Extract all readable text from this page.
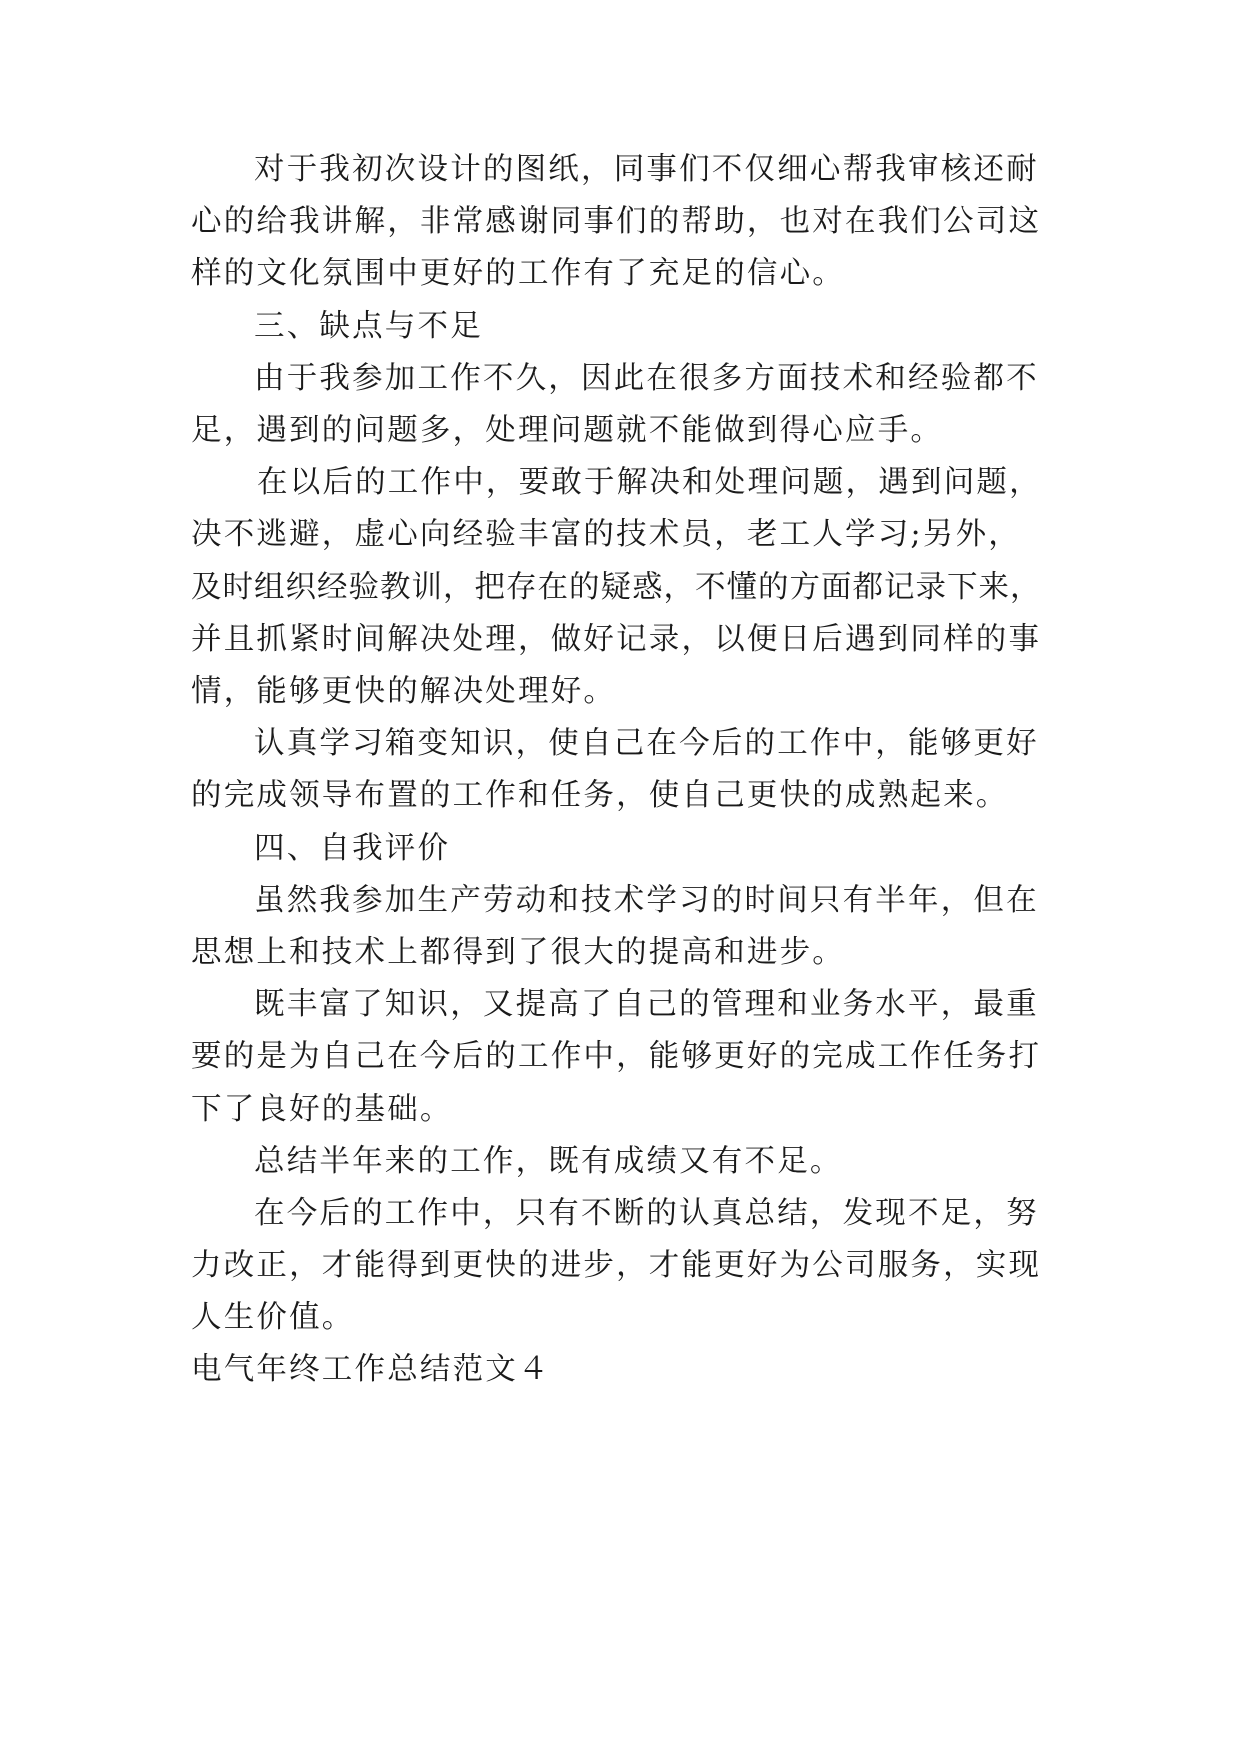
对于我初次设计的图纸，同事们不仅细心帮我审核还耐
心的给我讲解，非常感谢同事们的帮助，也对在我们公司这
样的文化氛围中更好的工作有了充足的信心。
三、缺点与不足
由于我参加工作不久，因此在很多方面技术和经验都不
足，遇到的问题多，处理问题就不能做到得心应手。
在以后的工作中，要敢于解决和处理问题，遇到问题，
决不逃避，虚心向经验丰富的技术员，老工人学习;另外，
及时组织经验教训，把存在的疑惑，不懂的方面都记录下来，
并且抓紧时间解决处理，做好记录，以便日后遇到同样的事
情，能够更快的解决处理好。
认真学习箱变知识，使自己在今后的工作中，能够更好
的完成领导布置的工作和任务，使自己更快的成熟起来。
四、自我评价
虽然我参加生产劳动和技术学习的时间只有半年，但在
思想上和技术上都得到了很大的提高和进步。
既丰富了知识，又提高了自己的管理和业务水平，最重
要的是为自己在今后的工作中，能够更好的完成工作任务打
下了良好的基础。
总结半年来的工作，既有成绩又有不足。
在今后的工作中，只有不断的认真总结，发现不足，努
力改正，才能得到更快的进步，才能更好为公司服务，实现
人生价值。
电气年终工作总结范文４
